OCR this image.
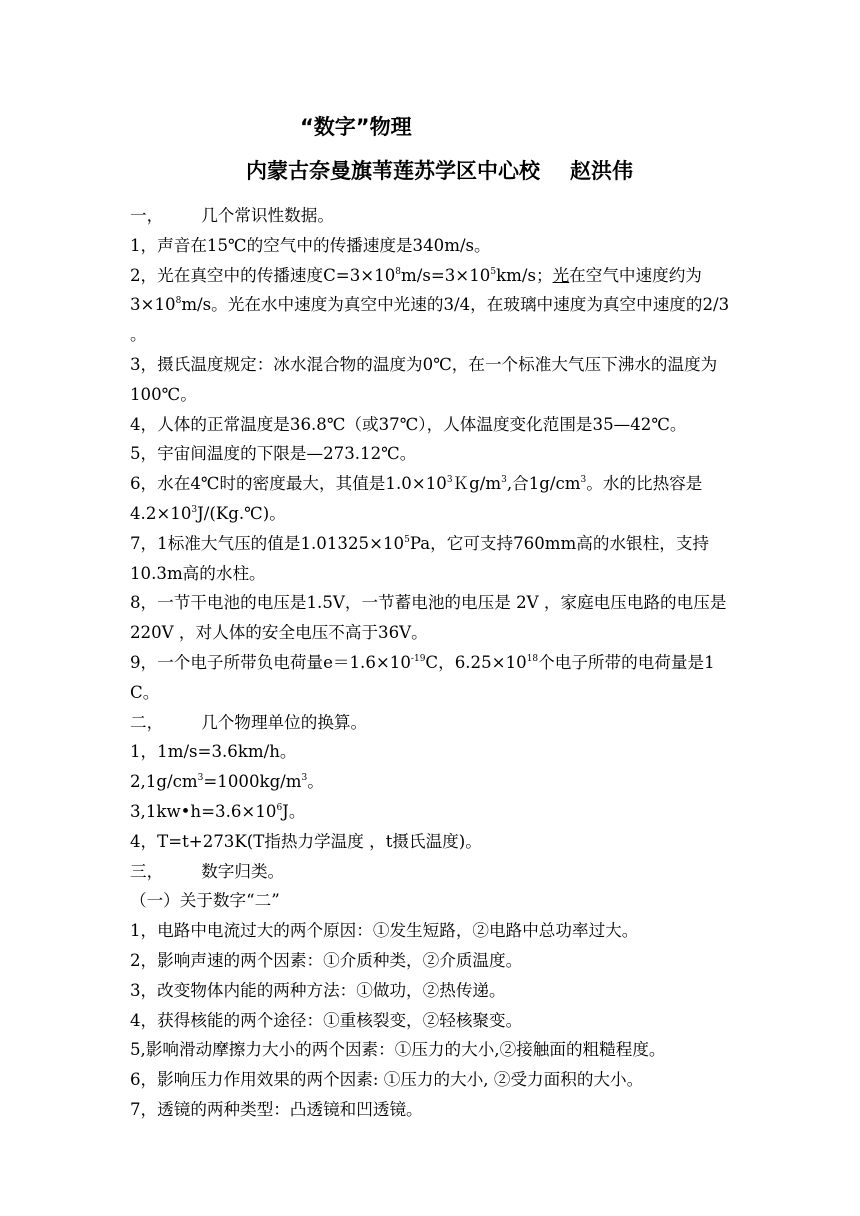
“数字”物理
内蒙古奈曼旗苇莲苏学区中心校 赵洪伟

一， 几个常识性数据。

1，声音在15℃的空气中的传播速度是340m/s。

2，光在真空中的传播速度$C=3\times 10^8m/s=3\times 10^5km/s$；光在空气中速度约为$3\times 10^8m/s$。光在水中速度为真空中光速的3/4，在玻璃中速度为真空中速度的2/3 。

3，摄氏温度规定：冰水混合物的温度为0℃，在一个标准大气压下沸水的温度为100℃。

4，人体的正常温度是36.8℃（或37℃），人体温度变化范围是35—42℃。

5，宇宙间温度的下限是—273.12℃。

6，水在4℃时的密度最大，其值是$1.0\times 10^3Kg/m^3$,合$1g/cm^3$。水的比热容是$4.2\times 10^3J/(Kg.℃)$。

7，1标准大气压的值是$1.01325\times 10^5Pa$，它可支持760mm高的水银柱，支持10.3m高的水柱。

8，一节干电池的电压是1.5V，一节蓄电池的电压是 2V ，家庭电压电路的电压是220V ，对人体的安全电压不高于36V。

9，一个电子所带负电荷量$e=1.6\times 10^{-19}C$，$6.25\times 10^{18}$个电子所带的电荷量是1 C。

二， 几个物理单位的换算。

1，1m/s=3.6km/h。

$2,1g/cm^3=1000kg/m^3$。

$3,1kw•h=3.6\times 10^6J$。

4，T=t+273K(T指热力学温度 ，t摄氏温度)。

三， 数字归类。

（一）关于数字“二”

1，电路中电流过大的两个原因：①发生短路，②电路中总功率过大。

2，影响声速的两个因素：①介质种类，②介质温度。

3，改变物体内能的两种方法：①做功，②热传递。

4，获得核能的两个途径：①重核裂变，②轻核聚变。

5,影响滑动摩擦力大小的两个因素：①压力的大小,②接触面的粗糙程度。

6，影响压力作用效果的两个因素: ①压力的大小, ②受力面积的大小。

7，透镜的两种类型：凸透镜和凹透镜。
